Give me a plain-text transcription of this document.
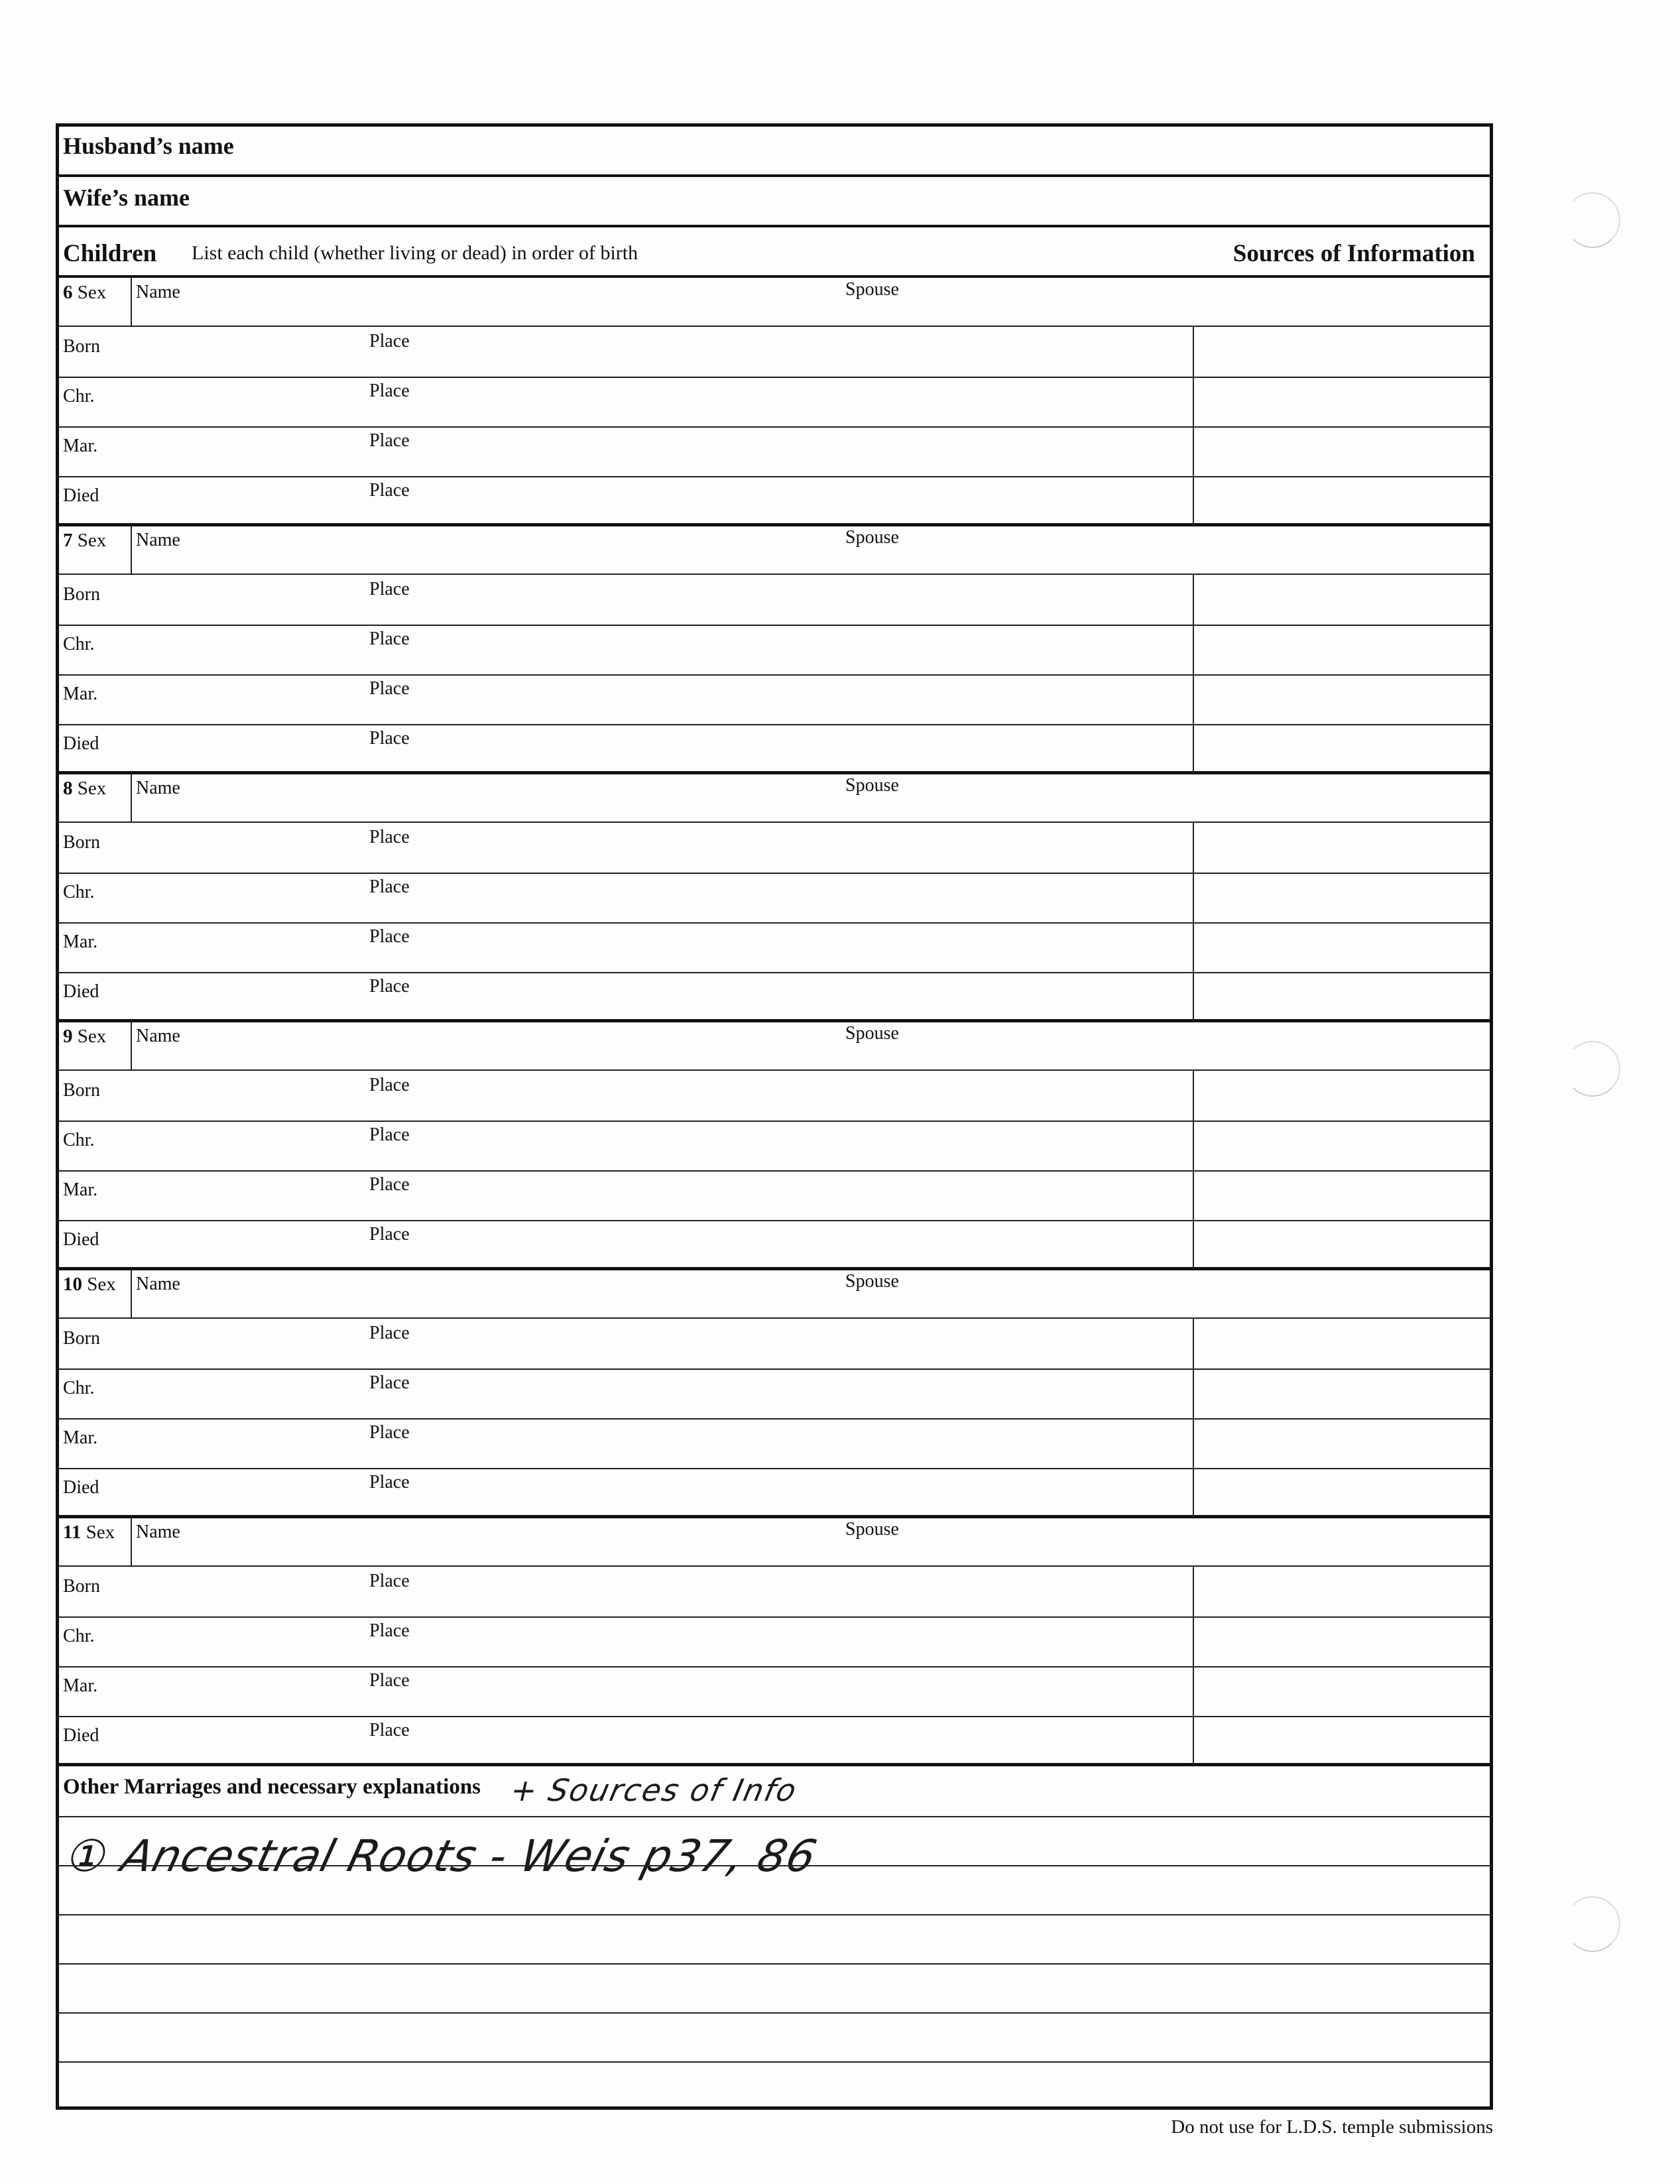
Husband’s name
Wife’s name
Children List each child (whether living or dead) in order of birth	Sources of Information
6 Sex Name	Spouse
Born	Place
Chr.	Place
Mar.	Place
Died	Place
7 Sex Name	Spouse
Born	Place
Chr.	Place
Mar.	Place
Died	Place
8 Sex Name	Spouse
Born	Place
Chr.	Place
Mar.	Place
Died	Place
9 Sex Name	Spouse
Born	Place
Chr.	Place
Mar.	Place
Died	Place
10 Sex Name	Spouse
Born	Place
Chr.	Place
Mar.	Place
Died	Place
11 Sex Name	Spouse
Born	Place
Chr.	Place
Mar.	Place
Died	Place
Other Marriages and necessary explanations + Sources of Info
① Ancestral Roots - Weis p37, 86
Do not use for L.D.S. temple submissions
